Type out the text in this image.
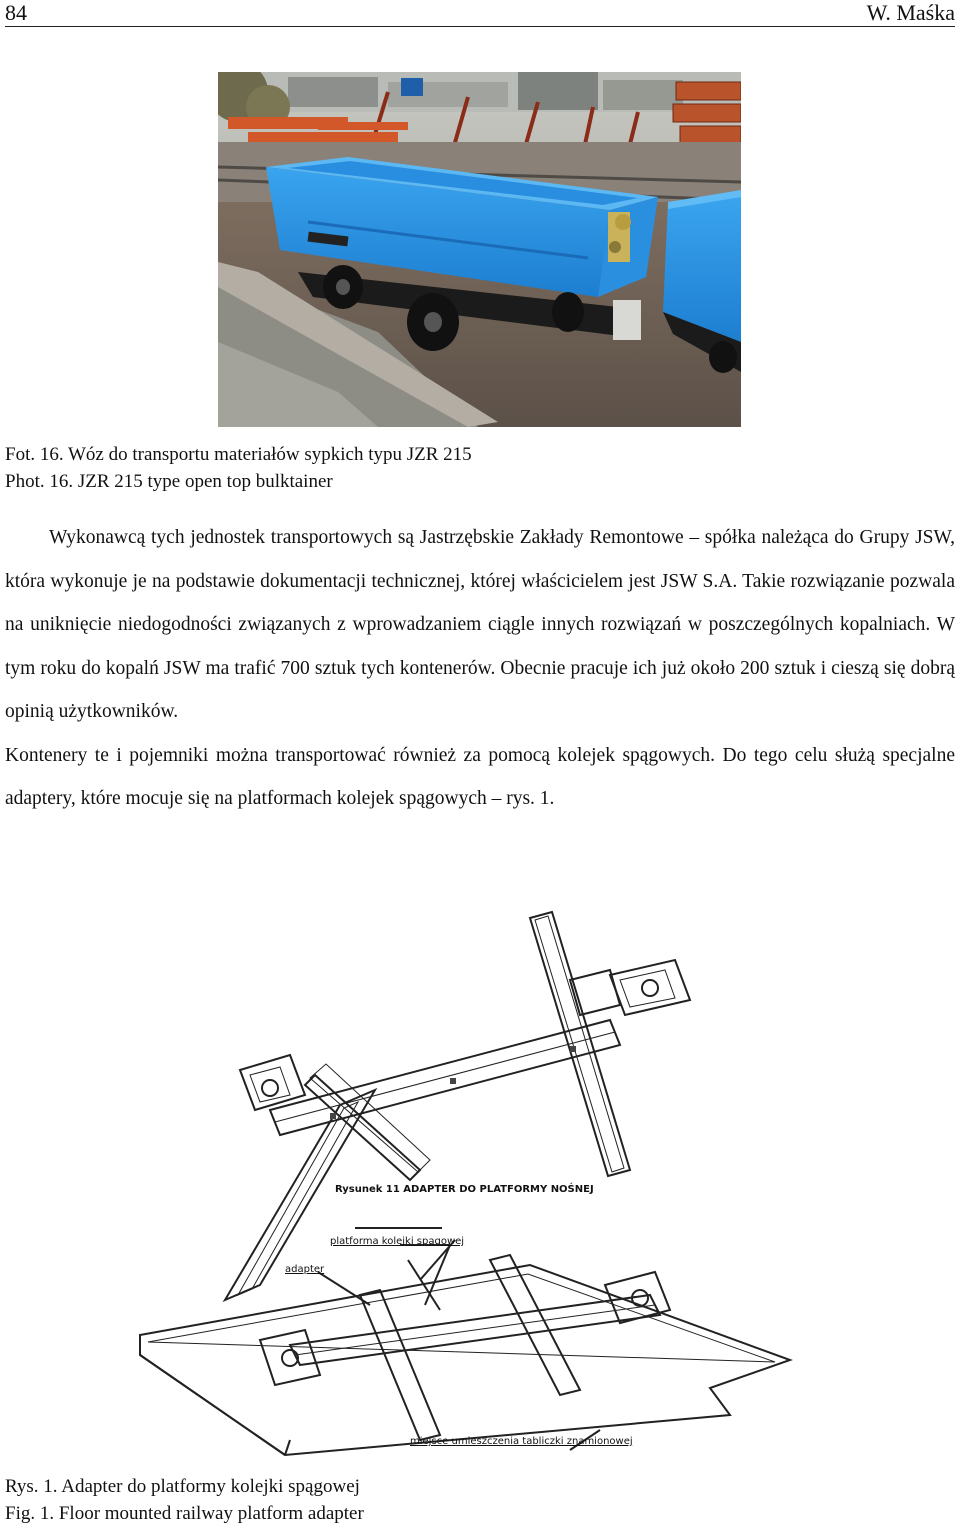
84	W. Maśka
Fot. 16. Wóz do transportu materiałów sypkich typu JZR 215
Phot. 16. JZR 215 type open top bulktainer

Wykonawcą tych jednostek transportowych są Jastrzębskie Zakłady Remontowe – spółka należąca do Grupy JSW, która wykonuje je na podstawie dokumentacji technicznej, której właścicielem jest JSW S.A. Takie rozwiązanie pozwala na uniknięcie niedogodności związanych z wprowadzaniem ciągle innych rozwiązań w poszczególnych kopalniach. W tym roku do kopalń JSW ma trafić 700 sztuk tych kontenerów. Obecnie pracuje ich już około 200 sztuk i cieszą się dobrą opinią użytkowników.

Kontenery te i pojemniki można transportować również za pomocą kolejek spągowych. Do tego celu służą specjalne adaptery, które mocuje się na platformach kolejek spągowych – rys. 1.

Rysunek 11 ADAPTER DO PLATFORMY NOŚNEJ
platforma kolejki spągowej
adapter
miejsce umieszczenia tabliczki znamionowej
Rys. 1. Adapter do platformy kolejki spągowej
Fig. 1. Floor mounted railway platform adapter
